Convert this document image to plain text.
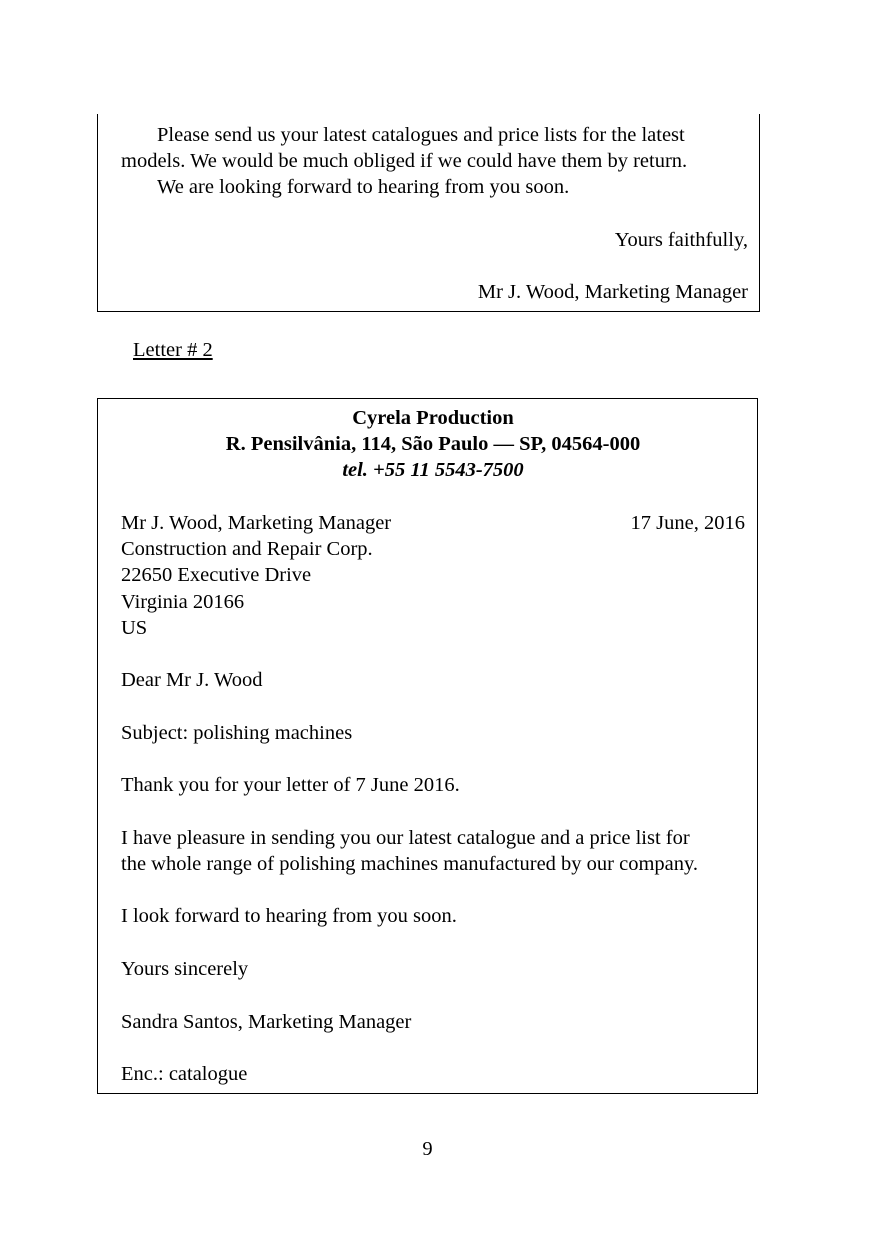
Please send us your latest catalogues and price lists for the latest
models. We would be much obliged if we could have them by return.
We are looking forward to hearing from you soon.
Yours faithfully,
Mr J. Wood, Marketing Manager
Letter # 2
Cyrela Production
R. Pensilvânia, 114, São Paulo — SP, 04564-000
tel. +55 11 5543-7500
Mr J. Wood, Marketing Manager	17 June, 2016
Construction and Repair Corp.
22650 Executive Drive
Virginia 20166
US
Dear Mr J. Wood
Subject: polishing machines
Thank you for your letter of 7 June 2016.
I have pleasure in sending you our latest catalogue and a price list for
the whole range of polishing machines manufactured by our company.
I look forward to hearing from you soon.
Yours sincerely
Sandra Santos, Marketing Manager
Enc.: catalogue
9
